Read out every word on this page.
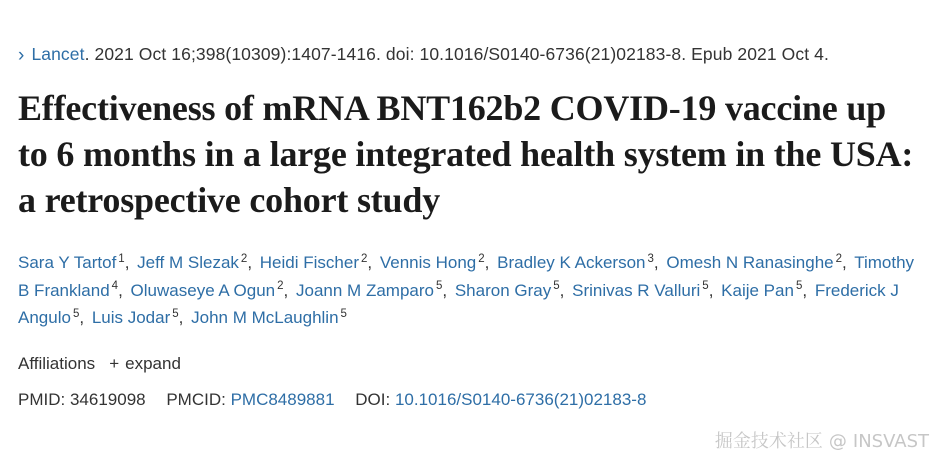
› Lancet . 2021 Oct 16;398(10309):1407-1416. doi: 10.1016/S0140-6736(21)02183-8. Epub 2021 Oct 4.
Effectiveness of mRNA BNT162b2 COVID-19 vaccine up to 6 months in a large integrated health system in the USA: a retrospective cohort study
Sara Y Tartof $^1$, Jeff M Slezak $^2$, Heidi Fischer $^2$, Vennis Hong $^2$, Bradley K Ackerson $^3$, Omesh N Ranasinghe $^2$, Timothy B Frankland $^4$, Oluwaseye A Ogun $^2$, Joann M Zamparo $^5$, Sharon Gray $^5$, Srinivas R Valluri $^5$, Kaije Pan $^5$, Frederick J Angulo $^5$, Luis Jodar $^5$, John M McLaughlin $^5$
Affiliations + expand
PMID: 34619098 PMCID: PMC8489881 DOI: 10.1016/S0140-6736(21)02183-8
掘金技术社区 @ INSVAST
